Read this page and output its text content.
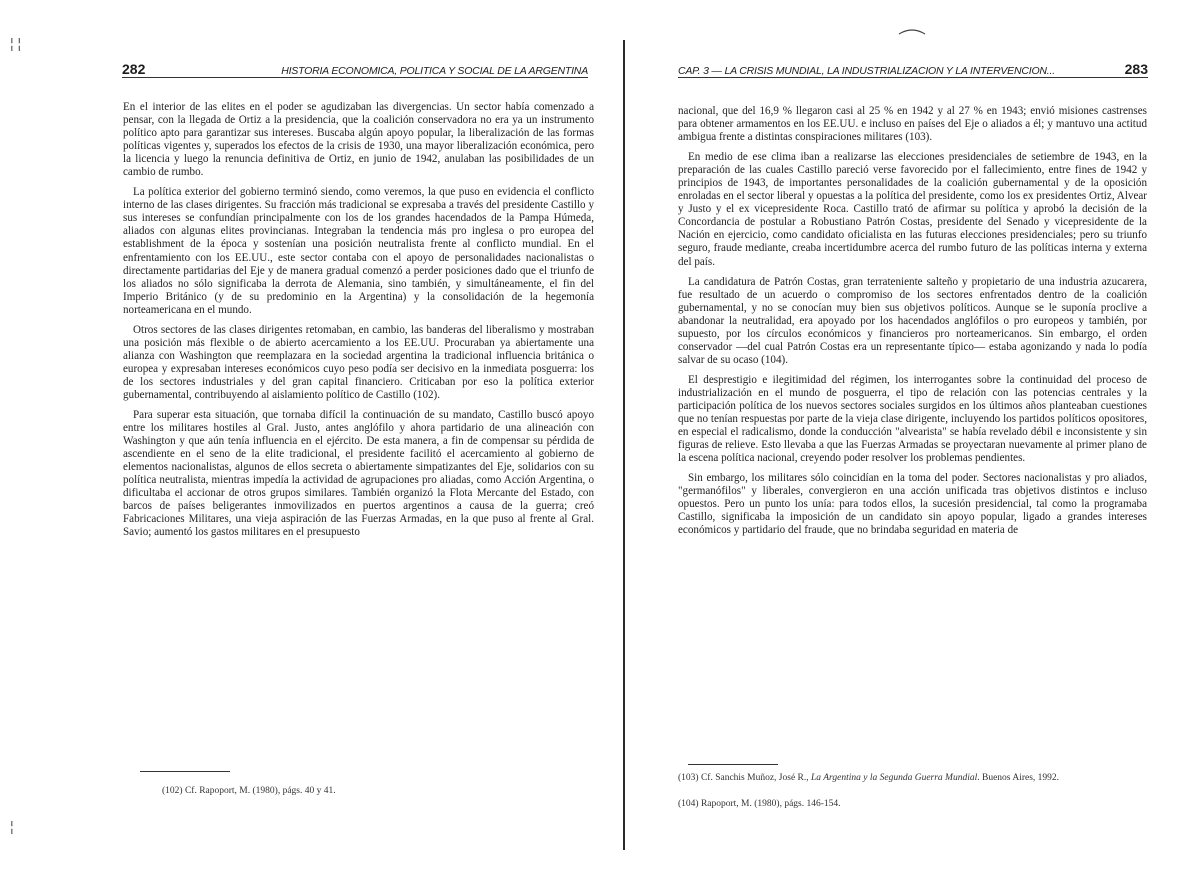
282	HISTORIA ECONOMICA, POLITICA Y SOCIAL DE LA ARGENTINA

En el interior de las elites en el poder se agudizaban las divergencias. Un sector había comenzado a pensar, con la llegada de Ortiz a la presidencia, que la coalición conservadora no era ya un instrumento político apto para garantizar sus intereses. Buscaba algún apoyo popular, la liberalización de las formas políticas vigentes y, superados los efectos de la crisis de 1930, una mayor liberalización económica, pero la licencia y luego la renuncia definitiva de Ortiz, en junio de 1942, anulaban las posibilidades de un cambio de rumbo.

La política exterior del gobierno terminó siendo, como veremos, la que puso en evidencia el conflicto interno de las clases dirigentes. Su fracción más tradicional se expresaba a través del presidente Castillo y sus intereses se confundían principalmente con los de los grandes hacendados de la Pampa Húmeda, aliados con algunas elites provincianas. Integraban la tendencia más pro inglesa o pro europea del establishment de la época y sostenían una posición neutralista frente al conflicto mundial. En el enfrentamiento con los EE.UU., este sector contaba con el apoyo de personalidades nacionalistas o directamente partidarias del Eje y de manera gradual comenzó a perder posiciones dado que el triunfo de los aliados no sólo significaba la derrota de Alemania, sino también, y simultáneamente, el fin del Imperio Británico (y de su predominio en la Argentina) y la consolidación de la hegemonía norteamericana en el mundo.

Otros sectores de las clases dirigentes retomaban, en cambio, las banderas del liberalismo y mostraban una posición más flexible o de abierto acercamiento a los EE.UU. Procuraban ya abiertamente una alianza con Washington que reemplazara en la sociedad argentina la tradicional influencia británica o europea y expresaban intereses económicos cuyo peso podía ser decisivo en la inmediata posguerra: los de los sectores industriales y del gran capital financiero. Criticaban por eso la política exterior gubernamental, contribuyendo al aislamiento político de Castillo (102).

Para superar esta situación, que tornaba difícil la continuación de su mandato, Castillo buscó apoyo entre los militares hostiles al Gral. Justo, antes anglófilo y ahora partidario de una alineación con Washington y que aún tenía influencia en el ejército. De esta manera, a fin de compensar su pérdida de ascendiente en el seno de la elite tradicional, el presidente facilitó el acercamiento al gobierno de elementos nacionalistas, algunos de ellos secreta o abiertamente simpatizantes del Eje, solidarios con su política neutralista, mientras impedía la actividad de agrupaciones pro aliadas, como Acción Argentina, o dificultaba el accionar de otros grupos similares. También organizó la Flota Mercante del Estado, con barcos de países beligerantes inmovilizados en puertos argentinos a causa de la guerra; creó Fabricaciones Militares, una vieja aspiración de las Fuerzas Armadas, en la que puso al frente al Gral. Savio; aumentó los gastos militares en el presupuesto

(102) Cf. Rapoport, M. (1980), págs. 40 y 41.
¦ ¦
¦
CAP. 3 — LA CRISIS MUNDIAL, LA INDUSTRIALIZACION Y LA INTERVENCION...	283

nacional, que del 16,9 % llegaron casi al 25 % en 1942 y al 27 % en 1943; envió misiones castrenses para obtener armamentos en los EE.UU. e incluso en países del Eje o aliados a él; y mantuvo una actitud ambigua frente a distintas conspiraciones militares (103).

En medio de ese clima iban a realizarse las elecciones presidenciales de setiembre de 1943, en la preparación de las cuales Castillo pareció verse favorecido por el fallecimiento, entre fines de 1942 y principios de 1943, de importantes personalidades de la coalición gubernamental y de la oposición enroladas en el sector liberal y opuestas a la política del presidente, como los ex presidentes Ortiz, Alvear y Justo y el ex vicepresidente Roca. Castillo trató de afirmar su política y aprobó la decisión de la Concordancia de postular a Robustiano Patrón Costas, presidente del Senado y vicepresidente de la Nación en ejercicio, como candidato oficialista en las futuras elecciones presidenciales; pero su triunfo seguro, fraude mediante, creaba incertidumbre acerca del rumbo futuro de las políticas interna y externa del país.

La candidatura de Patrón Costas, gran terrateniente salteño y propietario de una industria azucarera, fue resultado de un acuerdo o compromiso de los sectores enfrentados dentro de la coalición gubernamental, y no se conocían muy bien sus objetivos políticos. Aunque se le suponía proclive a abandonar la neutralidad, era apoyado por los hacendados anglófilos o pro europeos y también, por supuesto, por los círculos económicos y financieros pro norteamericanos. Sin embargo, el orden conservador —del cual Patrón Costas era un representante típico— estaba agonizando y nada lo podía salvar de su ocaso (104).

El desprestigio e ilegitimidad del régimen, los interrogantes sobre la continuidad del proceso de industrialización en el mundo de posguerra, el tipo de relación con las potencias centrales y la participación política de los nuevos sectores sociales surgidos en los últimos años planteaban cuestiones que no tenían respuestas por parte de la vieja clase dirigente, incluyendo los partidos políticos opositores, en especial el radicalismo, donde la conducción "alvearista" se había revelado débil e inconsistente y sin figuras de relieve. Esto llevaba a que las Fuerzas Armadas se proyectaran nuevamente al primer plano de la escena política nacional, creyendo poder resolver los problemas pendientes.

Sin embargo, los militares sólo coincidían en la toma del poder. Sectores nacionalistas y pro aliados, "germanófilos" y liberales, convergieron en una acción unificada tras objetivos distintos e incluso opuestos. Pero un punto los unía: para todos ellos, la sucesión presidencial, tal como la programaba Castillo, significaba la imposición de un candidato sin apoyo popular, ligado a grandes intereses económicos y partidario del fraude, que no brindaba seguridad en materia de

(103) Cf. Sanchis Muñoz, José R., La Argentina y la Segunda Guerra Mundial. Buenos Aires, 1992.
(104) Rapoport, M. (1980), págs. 146-154.
